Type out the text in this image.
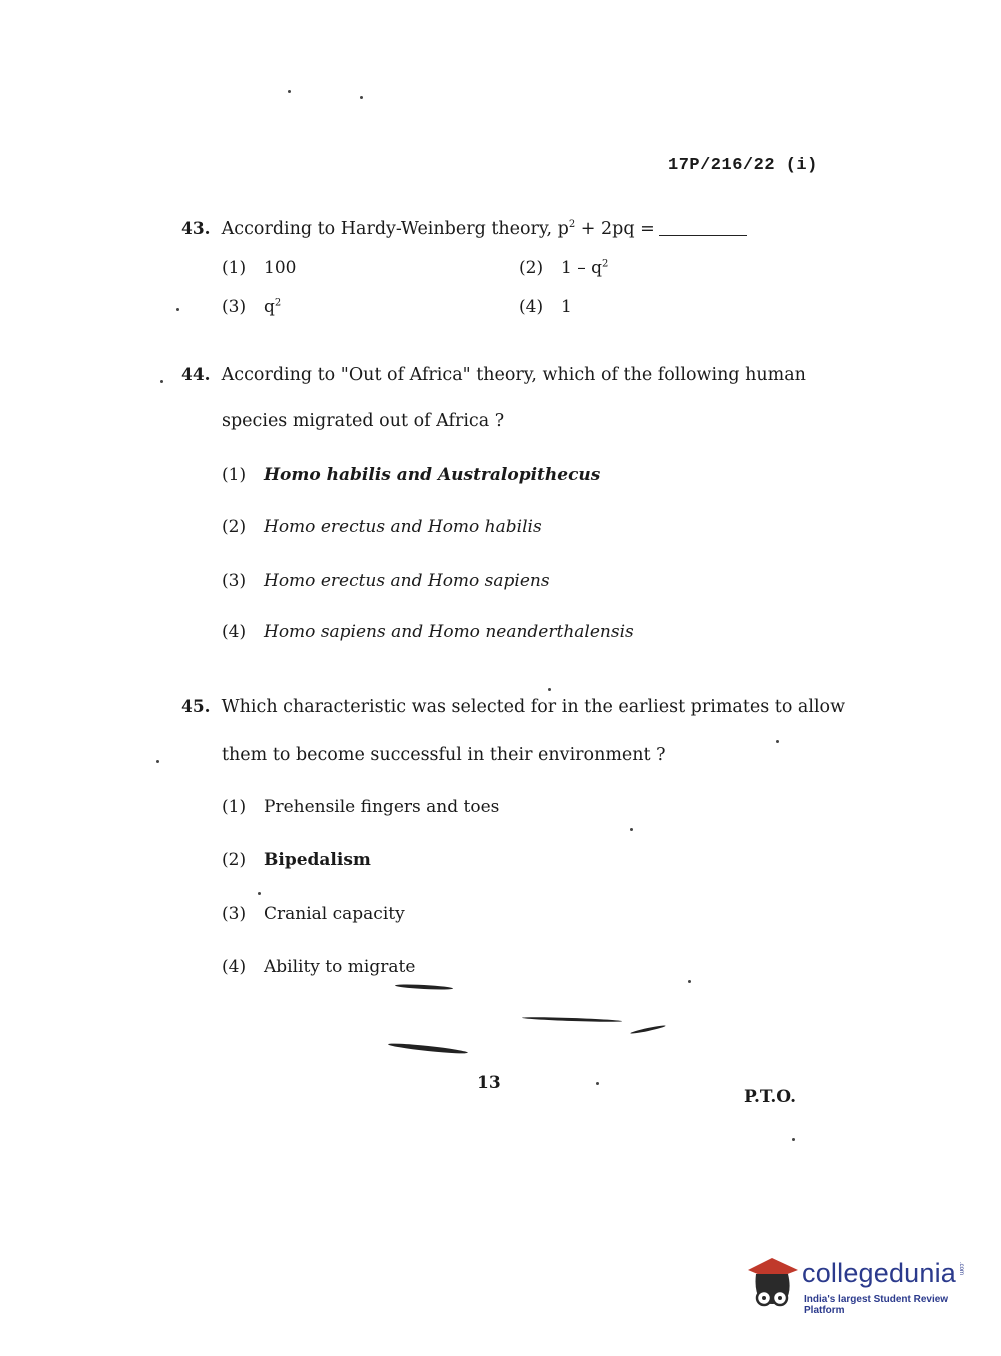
17P/216/22 (i)
43. According to Hardy-Weinberg theory, $p^2 + 2pq$ =
(1) 100	(2) $1 - q^2$
(3) $q^2$	(4) 1
44. According to "Out of Africa" theory, which of the following human
species migrated out of Africa ?
(1) Homo habilis and Australopithecus
(2) Homo erectus and Homo habilis
(3) Homo erectus and Homo sapiens
(4) Homo sapiens and Homo neanderthalensis
45. Which characteristic was selected for in the earliest primates to allow
them to become successful in their environment ?
(1) Prehensile fingers and toes
(2) Bipedalism
(3) Cranial capacity
(4) Ability to migrate
13
P.T.O.
collegedunia .com
India's largest Student Review Platform
